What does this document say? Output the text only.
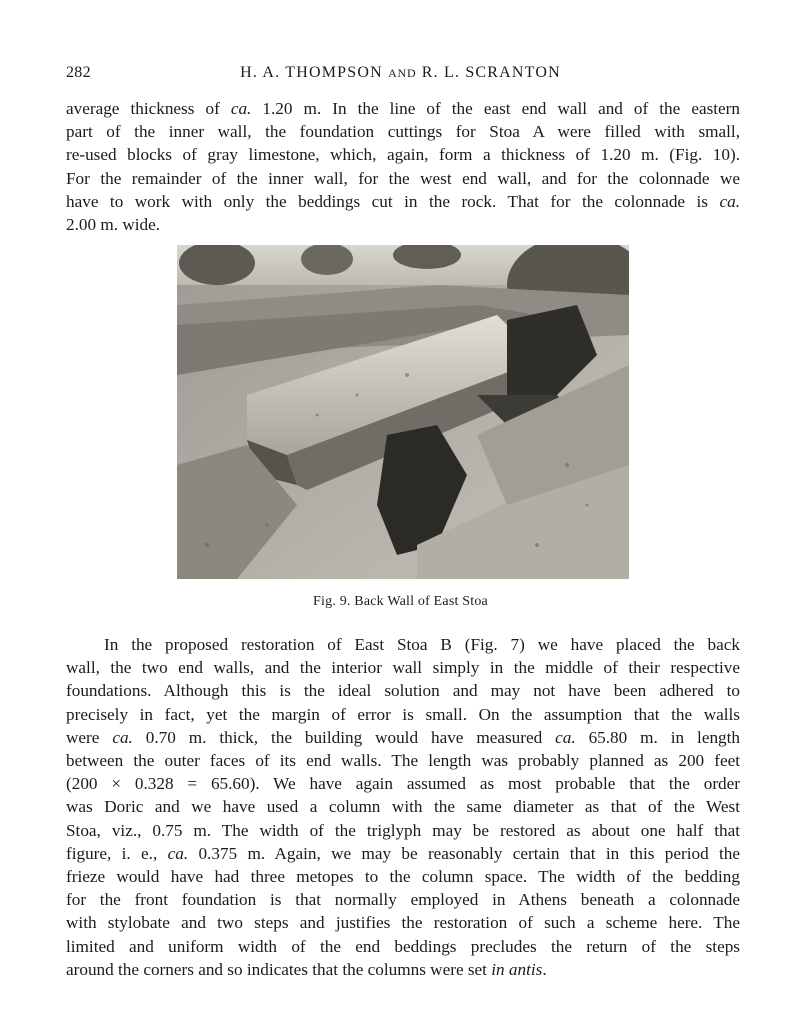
282	H. A. THOMPSON AND R. L. SCRANTON
average thickness of ca. 1.20 m. In the line of the east end wall and of the eastern
part of the inner wall, the foundation cuttings for Stoa A were filled with small,
re-used blocks of gray limestone, which, again, form a thickness of 1.20 m. (Fig. 10).
For the remainder of the inner wall, for the west end wall, and for the colonnade we
have to work with only the beddings cut in the rock. That for the colonnade is ca.
2.00 m. wide.
Fig. 9. Back Wall of East Stoa
In the proposed restoration of East Stoa B (Fig. 7) we have placed the back
wall, the two end walls, and the interior wall simply in the middle of their respective
foundations. Although this is the ideal solution and may not have been adhered to
precisely in fact, yet the margin of error is small. On the assumption that the walls
were ca. 0.70 m. thick, the building would have measured ca. 65.80 m. in length
between the outer faces of its end walls. The length was probably planned as 200 feet
(200 × 0.328 = 65.60). We have again assumed as most probable that the order
was Doric and we have used a column with the same diameter as that of the West
Stoa, viz., 0.75 m. The width of the triglyph may be restored as about one half that
figure, i. e., ca. 0.375 m. Again, we may be reasonably certain that in this period the
frieze would have had three metopes to the column space. The width of the bedding
for the front foundation is that normally employed in Athens beneath a colonnade
with stylobate and two steps and justifies the restoration of such a scheme here. The
limited and uniform width of the end beddings precludes the return of the steps
around the corners and so indicates that the columns were set in antis.
